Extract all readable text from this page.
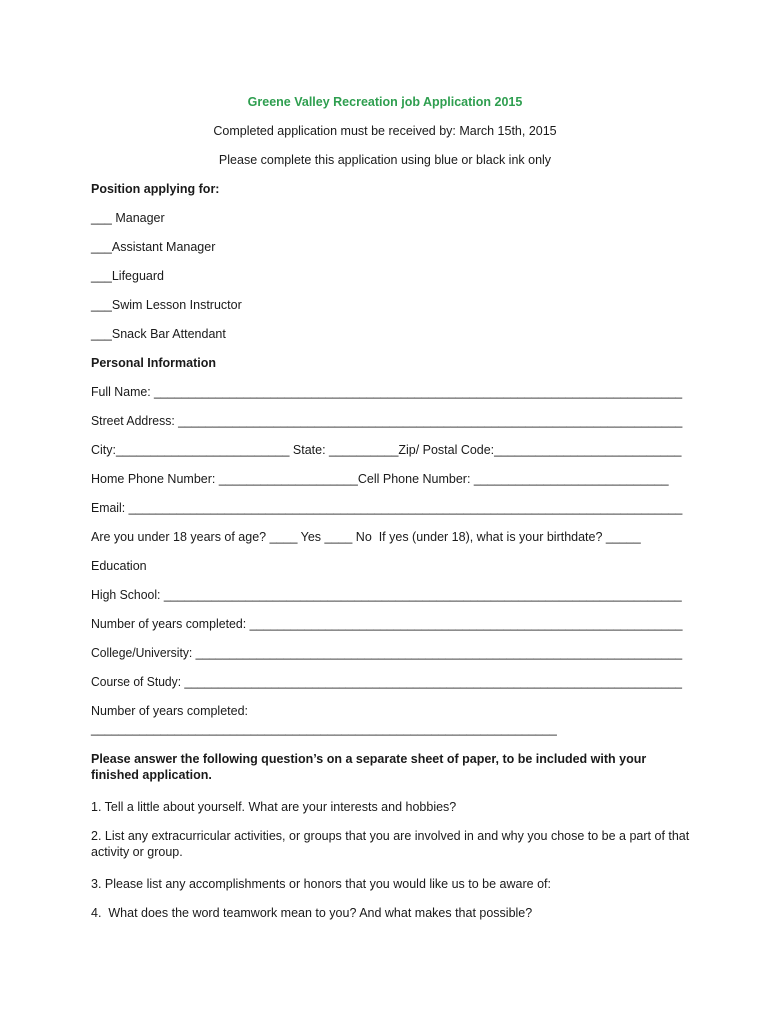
Greene Valley Recreation job Application 2015
Completed application must be received by: March 15th, 2015
Please complete this application using blue or black ink only
Position applying for:
___ Manager
___Assistant Manager
___Lifeguard
___Swim Lesson Instructor
___Snack Bar Attendant
Personal Information
Full Name: _____________________________________________________________________________
Street Address: __________________________________________________________________________
City:_________________________ State: __________Zip/ Postal Code:___________________________
Home Phone Number: ____________________Cell Phone Number: ____________________________
Email: _________________________________________________________________________________
Are you under 18 years of age? ____ Yes ____ No  If yes (under 18), what is your birthdate? _____
Education
High School: ____________________________________________________________________________
Number of years completed: _______________________________________________________________
College/University: ________________________________________________________________________
Course of Study: __________________________________________________________________________
Number of years completed:
___________________________________________________________________
Please answer the following question’s on a separate sheet of paper, to be included with your finished application.
1. Tell a little about yourself. What are your interests and hobbies?
2. List any extracurricular activities, or groups that you are involved in and why you chose to be a part of that activity or group.
3. Please list any accomplishments or honors that you would like us to be aware of:
4.  What does the word teamwork mean to you? And what makes that possible?
